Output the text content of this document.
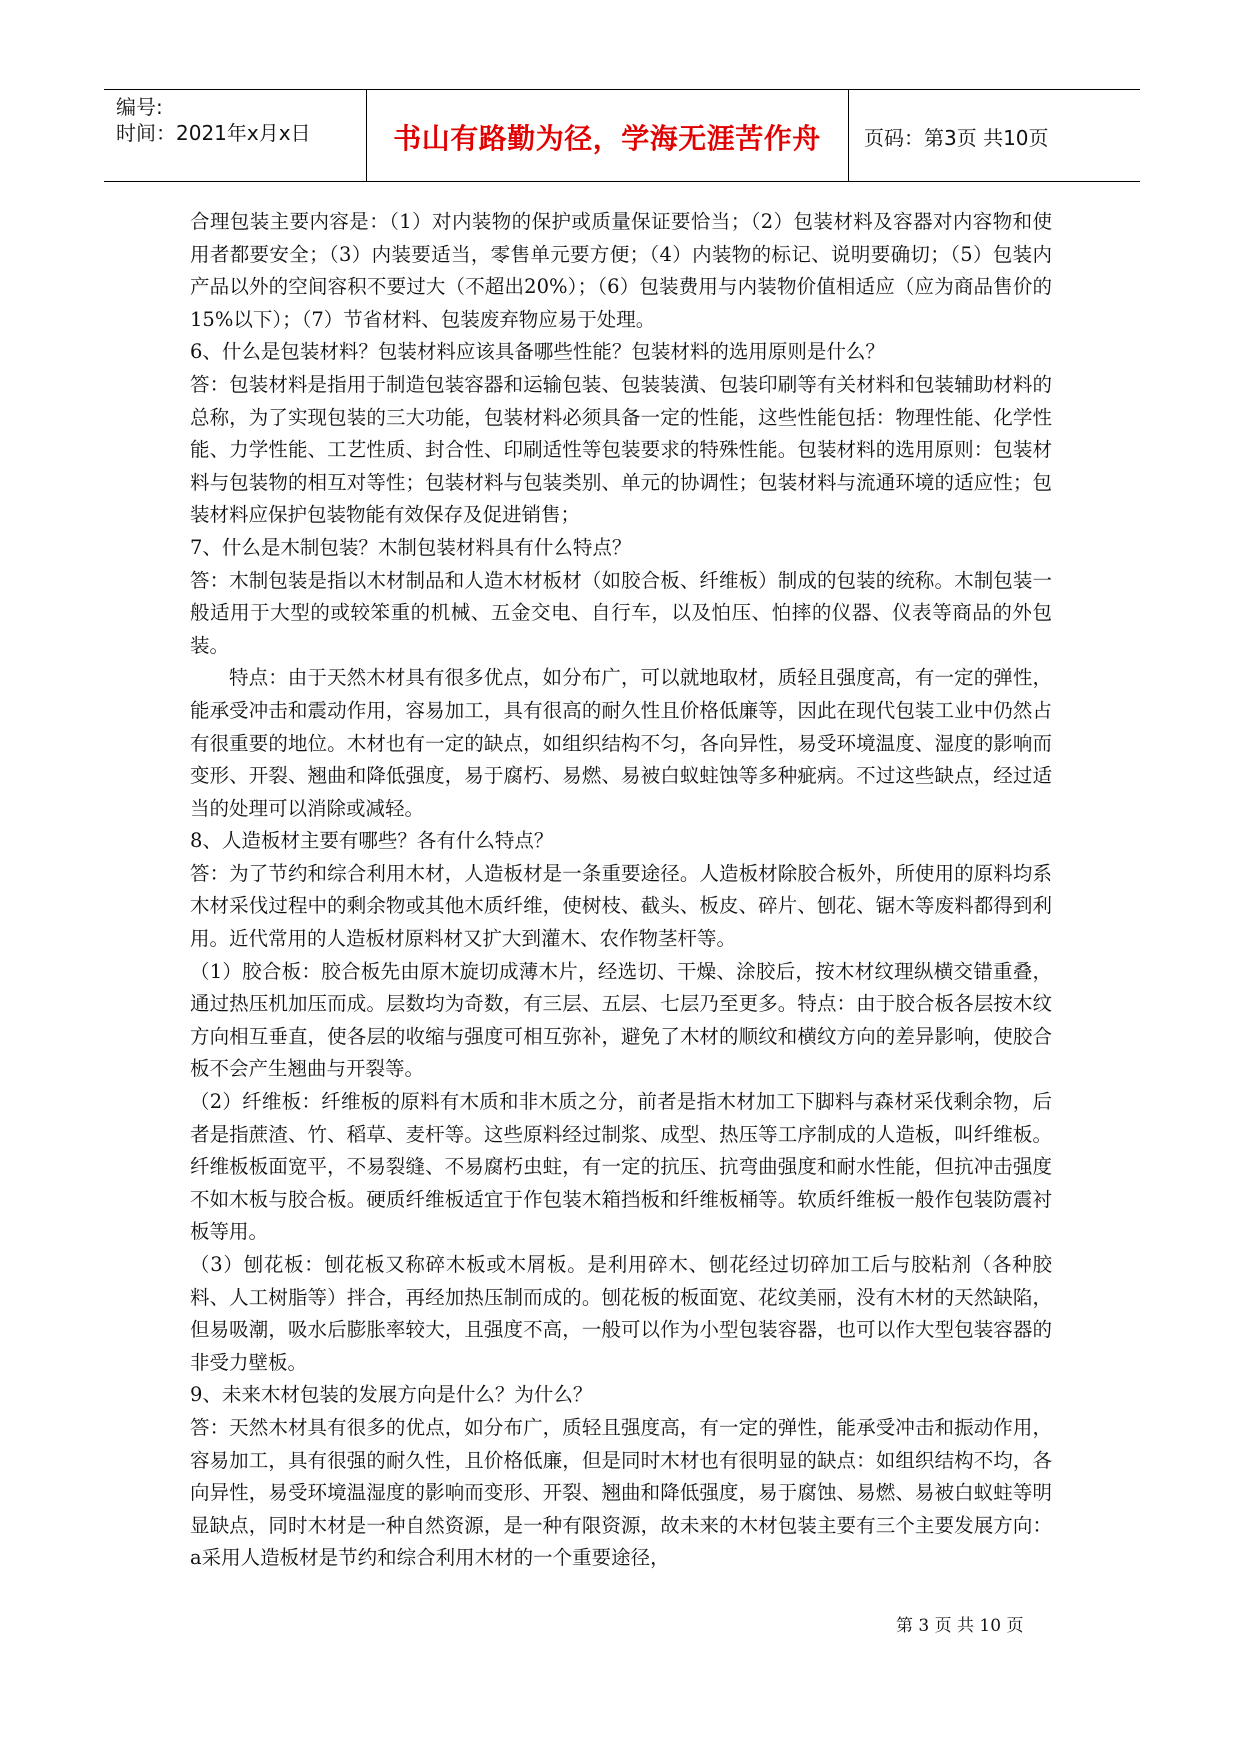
编号:
时间：2021年x月x日	书山有路勤为径，学海无涯苦作舟	页码：第3页 共10页

合理包装主要内容是：（1）对内装物的保护或质量保证要恰当；（2）包装材料及容器对内容物和使用者都要安全；（3）内装要适当，零售单元要方便；（4）内装物的标记、说明要确切；（5）包装内产品以外的空间容积不要过大（不超出20%）；（6）包装费用与内装物价值相适应（应为商品售价的15%以下）；（7）节省材料、包装废弃物应易于处理。

6、什么是包装材料？包装材料应该具备哪些性能？包装材料的选用原则是什么？

答：包装材料是指用于制造包装容器和运输包装、包装装潢、包装印刷等有关材料和包装辅助材料的总称，为了实现包装的三大功能，包装材料必须具备一定的性能，这些性能包括：物理性能、化学性能、力学性能、工艺性质、封合性、印刷适性等包装要求的特殊性能。包装材料的选用原则：包装材料与包装物的相互对等性；包装材料与包装类别、单元的协调性；包装材料与流通环境的适应性；包装材料应保护包装物能有效保存及促进销售；

7、什么是木制包装？木制包装材料具有什么特点？

答：木制包装是指以木材制品和人造木材板材（如胶合板、纤维板）制成的包装的统称。木制包装一般适用于大型的或较笨重的机械、五金交电、自行车，以及怕压、怕摔的仪器、仪表等商品的外包装。

特点：由于天然木材具有很多优点，如分布广，可以就地取材，质轻且强度高，有一定的弹性，能承受冲击和震动作用，容易加工，具有很高的耐久性且价格低廉等，因此在现代包装工业中仍然占有很重要的地位。木材也有一定的缺点，如组织结构不匀，各向异性，易受环境温度、湿度的影响而变形、开裂、翘曲和降低强度，易于腐朽、易燃、易被白蚁蛀蚀等多种疵病。不过这些缺点，经过适当的处理可以消除或减轻。

8、人造板材主要有哪些？各有什么特点？

答：为了节约和综合利用木材，人造板材是一条重要途径。人造板材除胶合板外，所使用的原料均系木材采伐过程中的剩余物或其他木质纤维，使树枝、截头、板皮、碎片、刨花、锯木等废料都得到利用。近代常用的人造板材原料材又扩大到灌木、农作物茎杆等。

（1）胶合板：胶合板先由原木旋切成薄木片，经选切、干燥、涂胶后，按木材纹理纵横交错重叠，通过热压机加压而成。层数均为奇数，有三层、五层、七层乃至更多。特点：由于胶合板各层按木纹方向相互垂直，使各层的收缩与强度可相互弥补，避免了木材的顺纹和横纹方向的差异影响，使胶合板不会产生翘曲与开裂等。

（2）纤维板：纤维板的原料有木质和非木质之分，前者是指木材加工下脚料与森材采伐剩余物，后者是指蔗渣、竹、稻草、麦杆等。这些原料经过制浆、成型、热压等工序制成的人造板，叫纤维板。纤维板板面宽平，不易裂缝、不易腐朽虫蛀，有一定的抗压、抗弯曲强度和耐水性能，但抗冲击强度不如木板与胶合板。硬质纤维板适宜于作包装木箱挡板和纤维板桶等。软质纤维板一般作包装防震衬板等用。

（3）刨花板：刨花板又称碎木板或木屑板。是利用碎木、刨花经过切碎加工后与胶粘剂（各种胶料、人工树脂等）拌合，再经加热压制而成的。刨花板的板面宽、花纹美丽，没有木材的天然缺陷，但易吸潮，吸水后膨胀率较大，且强度不高，一般可以作为小型包装容器，也可以作大型包装容器的非受力壁板。

9、未来木材包装的发展方向是什么？为什么？

答：天然木材具有很多的优点，如分布广，质轻且强度高，有一定的弹性，能承受冲击和振动作用，容易加工，具有很强的耐久性，且价格低廉，但是同时木材也有很明显的缺点：如组织结构不均，各向异性，易受环境温湿度的影响而变形、开裂、翘曲和降低强度，易于腐蚀、易燃、易被白蚁蛀等明显缺点，同时木材是一种自然资源，是一种有限资源，故未来的木材包装主要有三个主要发展方向：a采用人造板材是节约和综合利用木材的一个重要途径，

第 3 页 共 10 页
